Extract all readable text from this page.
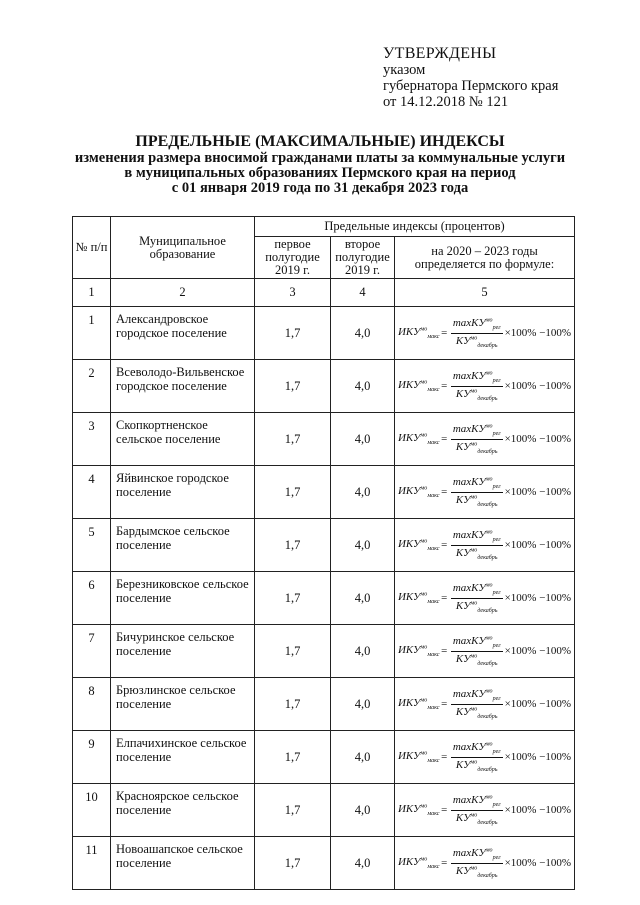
УТВЕРЖДЕНЫ
указом
губернатора Пермского края
от 14.12.2018 № 121
ПРЕДЕЛЬНЫЕ (МАКСИМАЛЬНЫЕ) ИНДЕКСЫ
изменения размера вносимой гражданами платы за коммунальные услуги
в муниципальных образованиях Пермского края на период
с 01 января 2019 года по 31 декабря 2023 года
№ п/п	Муниципальное образование	Предельные индексы (процентов)		
		первое полугодие 2019 г.	второе полугодие 2019 г.	на 2020 – 2023 годы определяется по формуле:
1	2	3	4	5
1	Александровское городское поселение	1,7	4,0	$ИКУ^{мо}_{макс} = \frac{\max КУ^{мо}_{рег}}{КУ^{мо}_{декабрь}} \times 100\% -100\%$

2	Всеволодо-Вильвенское городское поселение	1,7	4,0	$ИКУ^{мо}_{макс} = \frac{\max КУ^{мо}_{рег}}{КУ^{мо}_{декабрь}} \times 100\% -100\%$

3	Скопкортненское сельское поселение	1,7	4,0	$ИКУ^{мо}_{макс} = \frac{\max КУ^{мо}_{рег}}{КУ^{мо}_{декабрь}} \times 100\% -100\%$

4	Яйвинское городское поселение	1,7	4,0	$ИКУ^{мо}_{макс} = \frac{\max КУ^{мо}_{рег}}{КУ^{мо}_{декабрь}} \times 100\% -100\%$

5	Бардымское сельское поселение	1,7	4,0	$ИКУ^{мо}_{макс} = \frac{\max КУ^{мо}_{рег}}{КУ^{мо}_{декабрь}} \times 100\% -100\%$

6	Березниковское сельское поселение	1,7	4,0	$ИКУ^{мо}_{макс} = \frac{\max КУ^{мо}_{рег}}{КУ^{мо}_{декабрь}} \times 100\% -100\%$

7	Бичуринское сельское поселение	1,7	4,0	$ИКУ^{мо}_{макс} = \frac{\max КУ^{мо}_{рег}}{КУ^{мо}_{декабрь}} \times 100\% -100\%$

8	Брюзлинское сельское поселение	1,7	4,0	$ИКУ^{мо}_{макс} = \frac{\max КУ^{мо}_{рег}}{КУ^{мо}_{декабрь}} \times 100\% -100\%$

9	Елпачихинское сельское поселение	1,7	4,0	$ИКУ^{мо}_{макс} = \frac{\max КУ^{мо}_{рег}}{КУ^{мо}_{декабрь}} \times 100\% -100\%$

10	Красноярское сельское поселение	1,7	4,0	$ИКУ^{мо}_{макс} = \frac{\max КУ^{мо}_{рег}}{КУ^{мо}_{декабрь}} \times 100\% -100\%$

11	Новоашапское сельское поселение	1,7	4,0	$ИКУ^{мо}_{макс} = \frac{\max КУ^{мо}_{рег}}{КУ^{мо}_{декабрь}} \times 100\% -100\%$
